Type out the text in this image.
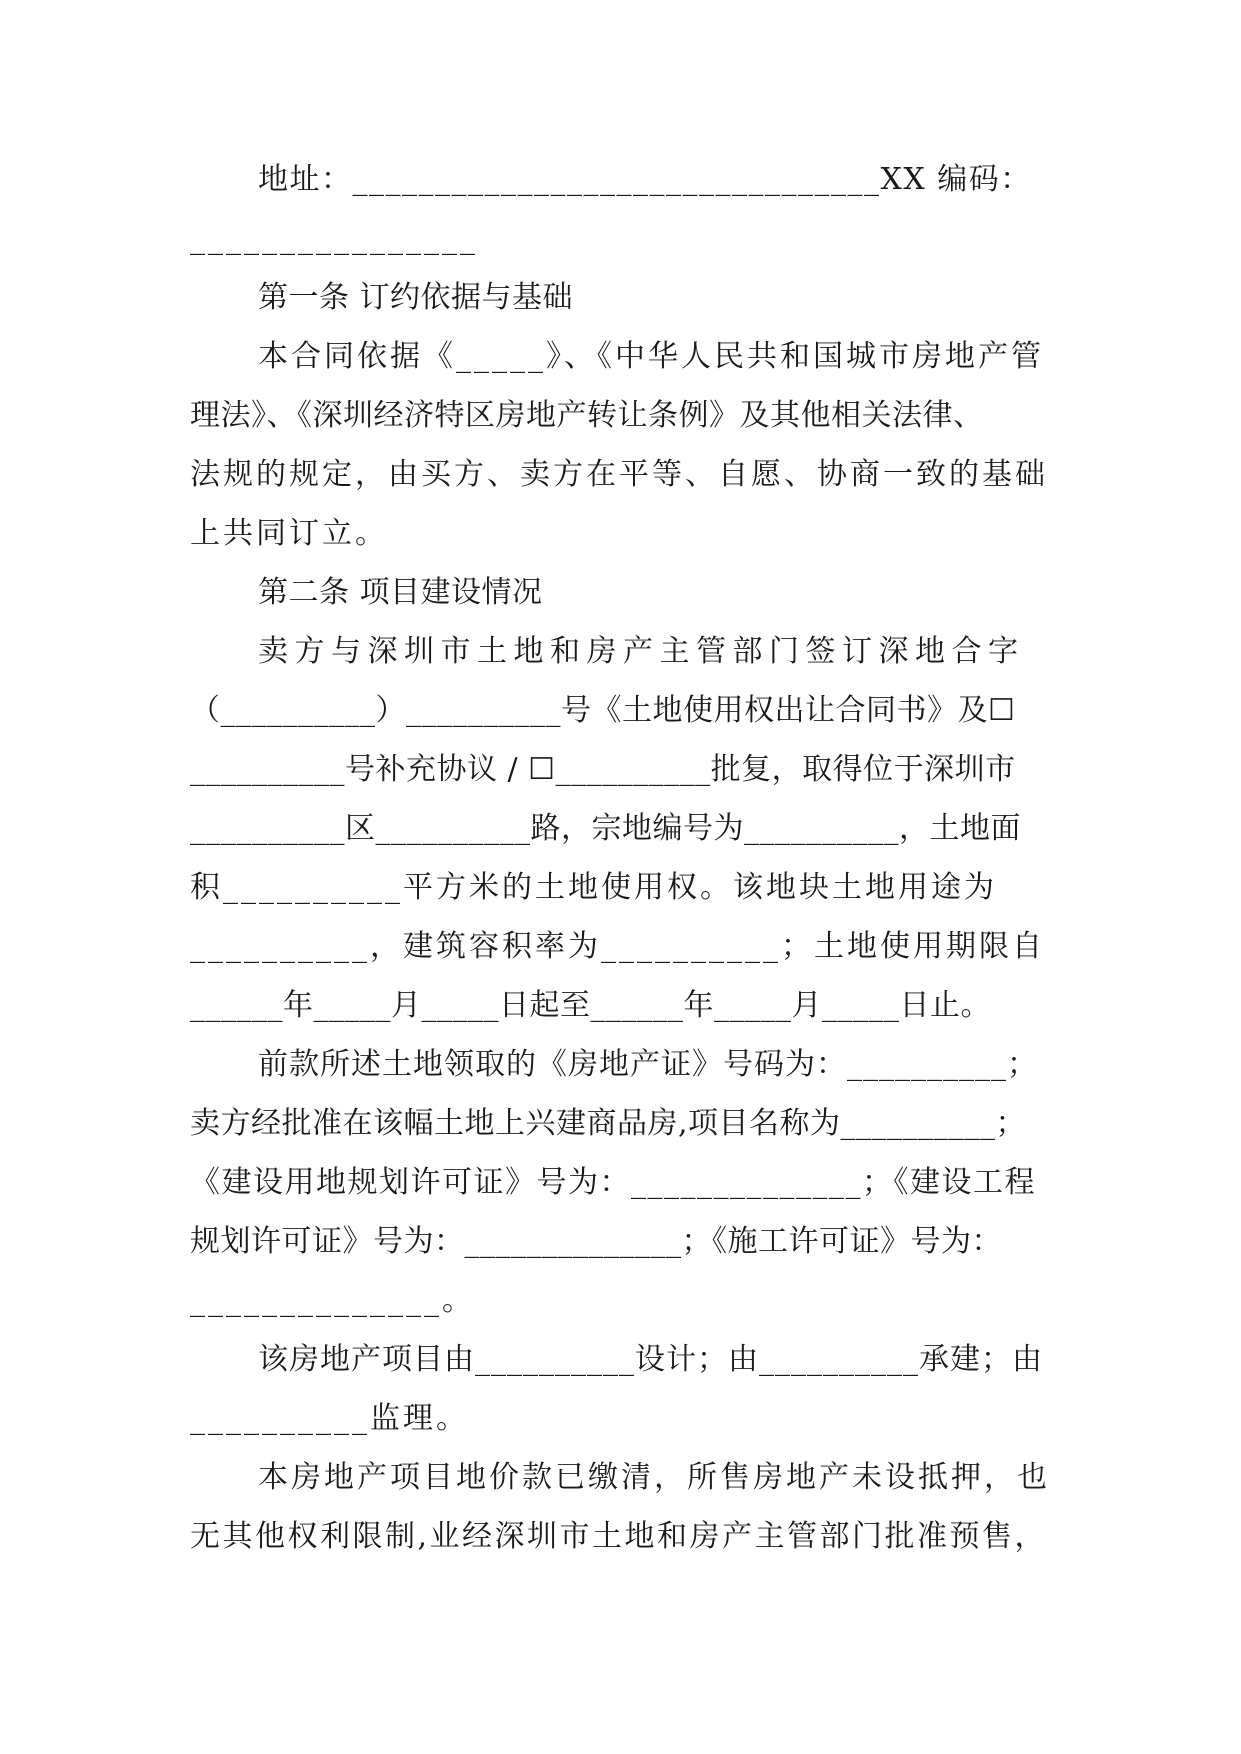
地址：________________________________XX 编码：
________________
第一条 订约依据与基础
本合同依据《_____》、《中华人民共和国城市房地产管
理法》、《深圳经济特区房地产转让条例》及其他相关法律、
法规的规定，由买方、卖方在平等、自愿、协商一致的基础
上共同订立。
第二条 项目建设情况
卖方与深圳市土地和房产主管部门签订深地合字
（__________）__________号《土地使用权出让合同书》及☐
__________号补充协议 / ☐__________批复，取得位于深圳市
__________区__________路，宗地编号为__________，土地面
积__________平方米的土地使用权。该地块土地用途为
__________，建筑容积率为__________；土地使用期限自
______年_____月_____日起至______年_____月_____日止。
前款所述土地领取的《房地产证》号码为：__________；
卖方经批准在该幅土地上兴建商品房,项目名称为__________；
《建设用地规划许可证》号为：______________；《建设工程
规划许可证》号为：______________；《施工许可证》号为：
______________。
该房地产项目由__________设计；由__________承建；由
__________监理。
本房地产项目地价款已缴清，所售房地产未设抵押，也
无其他权利限制,业经深圳市土地和房产主管部门批准预售，
